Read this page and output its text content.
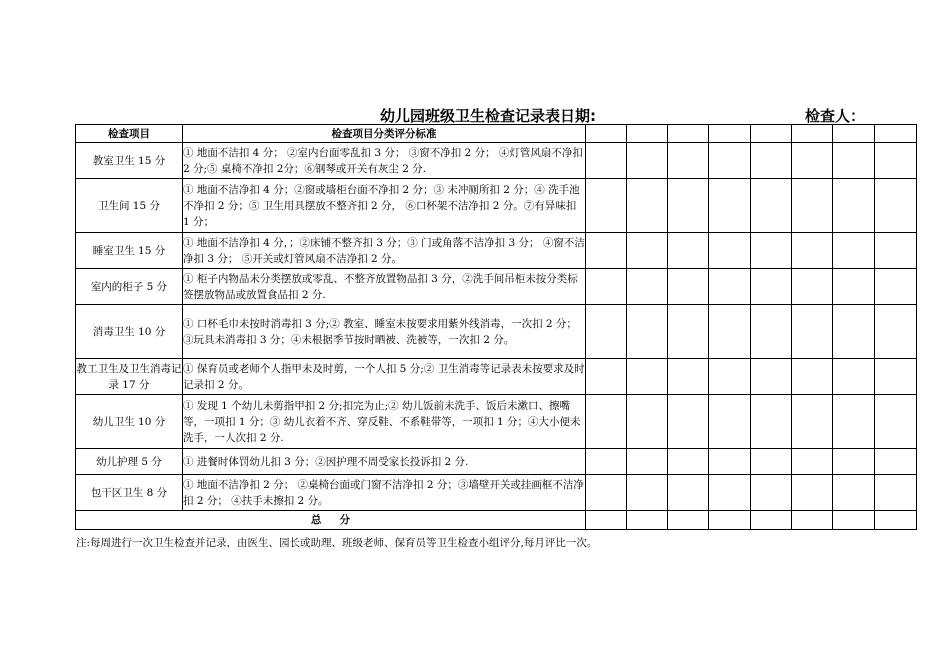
幼儿园班级卫生检查记录表日期:	检查人：
检查项目	检查项目分类评分标准								
教室卫生 15 分	① 地面不洁扣 4 分； ②室内台面零乱扣 3 分； ③窗不净扣 2 分； ④灯管风扇不净扣 2 分;⑤ 桌椅不净扣 2分；⑥钢琴或开关有灰尘 2 分.								
卫生间 15 分	① 地面不洁净扣 4 分；②窗或墙柜台面不净扣 2 分；③ 未冲厕所扣 2 分；④ 洗手池不净扣 2 分；⑤ 卫生用具摆放不整齐扣 2 分， ⑥口杯架不洁净扣 2 分。⑦有异味扣 1 分；								
睡室卫生 15 分	① 地面不洁净扣 4 分，；②床铺不整齐扣 3 分；③ 门或角落不洁净扣 3 分； ④窗不洁净扣 3 分； ⑤开关或灯管风扇不洁净扣 2 分。								
室内的柜子 5 分	① 柜子内物品未分类摆放或零乱、不整齐放置物品扣 3 分，②洗手间吊柜未按分类标签摆放物品或放置食品扣 2 分.								
消毒卫生 10 分	① 口杯毛巾未按时消毒扣 3 分;② 教室、睡室未按要求用紫外线消毒，一次扣 2 分；③玩具未消毒扣 3 分；④未根据季节按时晒被、洗被等，一次扣 2 分。								
教工卫生及卫生消毒记录 17 分	① 保育员或老师个人指甲未及时剪，一个人扣 5 分;② 卫生消毒等记录表未按要求及时记录扣 2 分。								
幼儿卫生 10 分	① 发现 1 个幼儿未剪指甲扣 2 分;扣完为止;② 幼儿饭前未洗手、饭后未漱口、擦嘴等，一项扣 1 分；③ 幼儿衣着不齐、穿反鞋、不系鞋带等，一项扣 1 分；④大小便未洗手，一人次扣 2 分.								
幼儿护理 5 分	① 进餐时体罚幼儿扣 3 分；②因护理不周受家长投诉扣 2 分.								
包干区卫生 8 分	① 地面不洁净扣 2 分； ②桌椅台面或门窗不洁净扣 2 分；③墙壁开关或挂画框不洁净扣 2 分； ④扶手未擦扣 2 分。								
总     分									
注:每周进行一次卫生检查并记录，由医生、园长或助理、班级老师、保育员等卫生检查小组评分,每月评比一次。
